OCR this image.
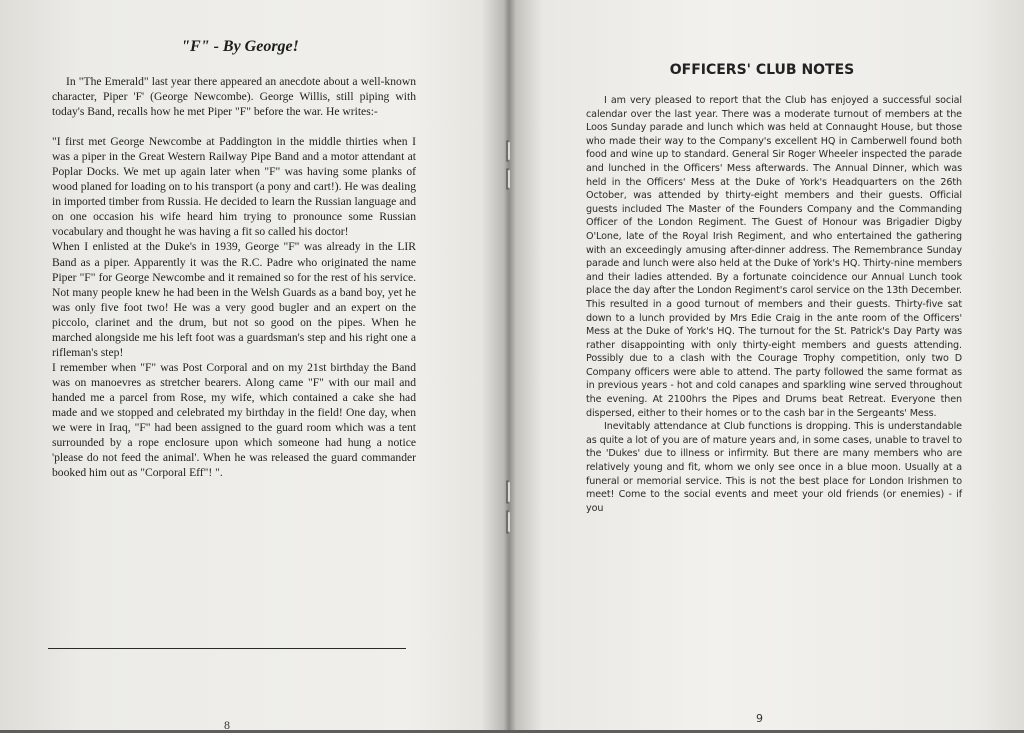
"F" - By George!

In "The Emerald" last year there appeared an anecdote about a well-known character, Piper 'F' (George Newcombe). George Willis, still piping with today's Band, recalls how he met Piper "F" before the war. He writes:-

"I first met George Newcombe at Paddington in the middle thirties when I was a piper in the Great Western Railway Pipe Band and a motor attendant at Poplar Docks. We met up again later when "F" was having some planks of wood planed for loading on to his transport (a pony and cart!). He was dealing in imported timber from Russia. He decided to learn the Russian language and on one occasion his wife heard him trying to pronounce some Russian vocabulary and thought he was having a fit so called his doctor!

When I enlisted at the Duke's in 1939, George "F" was already in the LIR Band as a piper. Apparently it was the R.C. Padre who originated the name Piper "F" for George Newcombe and it remained so for the rest of his service. Not many people knew he had been in the Welsh Guards as a band boy, yet he was only five foot two! He was a very good bugler and an expert on the piccolo, clarinet and the drum, but not so good on the pipes. When he marched alongside me his left foot was a guardsman's step and his right one a rifleman's step!

I remember when "F" was Post Corporal and on my 21st birthday the Band was on manoevres as stretcher bearers. Along came "F" with our mail and handed me a parcel from Rose, my wife, which contained a cake she had made and we stopped and celebrated my birthday in the field! One day, when we were in Iraq, "F" had been assigned to the guard room which was a tent surrounded by a rope enclosure upon which someone had hung a notice 'please do not feed the animal'. When he was released the guard commander booked him out as "Corporal Eff"! ".

8
OFFICERS' CLUB NOTES

I am very pleased to report that the Club has enjoyed a successful social calendar over the last year. There was a moderate turnout of members at the Loos Sunday parade and lunch which was held at Connaught House, but those who made their way to the Company's excellent HQ in Camberwell found both food and wine up to standard. General Sir Roger Wheeler inspected the parade and lunched in the Officers' Mess afterwards. The Annual Dinner, which was held in the Officers' Mess at the Duke of York's Headquarters on the 26th October, was attended by thirty-eight members and their guests. Official guests included The Master of the Founders Company and the Commanding Officer of the London Regiment. The Guest of Honour was Brigadier Digby O'Lone, late of the Royal Irish Regiment, and who entertained the gathering with an exceedingly amusing after-dinner address. The Remembrance Sunday parade and lunch were also held at the Duke of York's HQ. Thirty-nine members and their ladies attended. By a fortunate coincidence our Annual Lunch took place the day after the London Regiment's carol service on the 13th December. This resulted in a good turnout of members and their guests. Thirty-five sat down to a lunch provided by Mrs Edie Craig in the ante room of the Officers' Mess at the Duke of York's HQ. The turnout for the St. Patrick's Day Party was rather disappointing with only thirty-eight members and guests attending. Possibly due to a clash with the Courage Trophy competition, only two D Company officers were able to attend. The party followed the same format as in previous years - hot and cold canapes and sparkling wine served throughout the evening. At 2100hrs the Pipes and Drums beat Retreat. Everyone then dispersed, either to their homes or to the cash bar in the Sergeants' Mess.

Inevitably attendance at Club functions is dropping. This is understandable as quite a lot of you are of mature years and, in some cases, unable to travel to the 'Dukes' due to illness or infirmity. But there are many members who are relatively young and fit, whom we only see once in a blue moon. Usually at a funeral or memorial service. This is not the best place for London Irishmen to meet! Come to the social events and meet your old friends (or enemies) - if you

9
